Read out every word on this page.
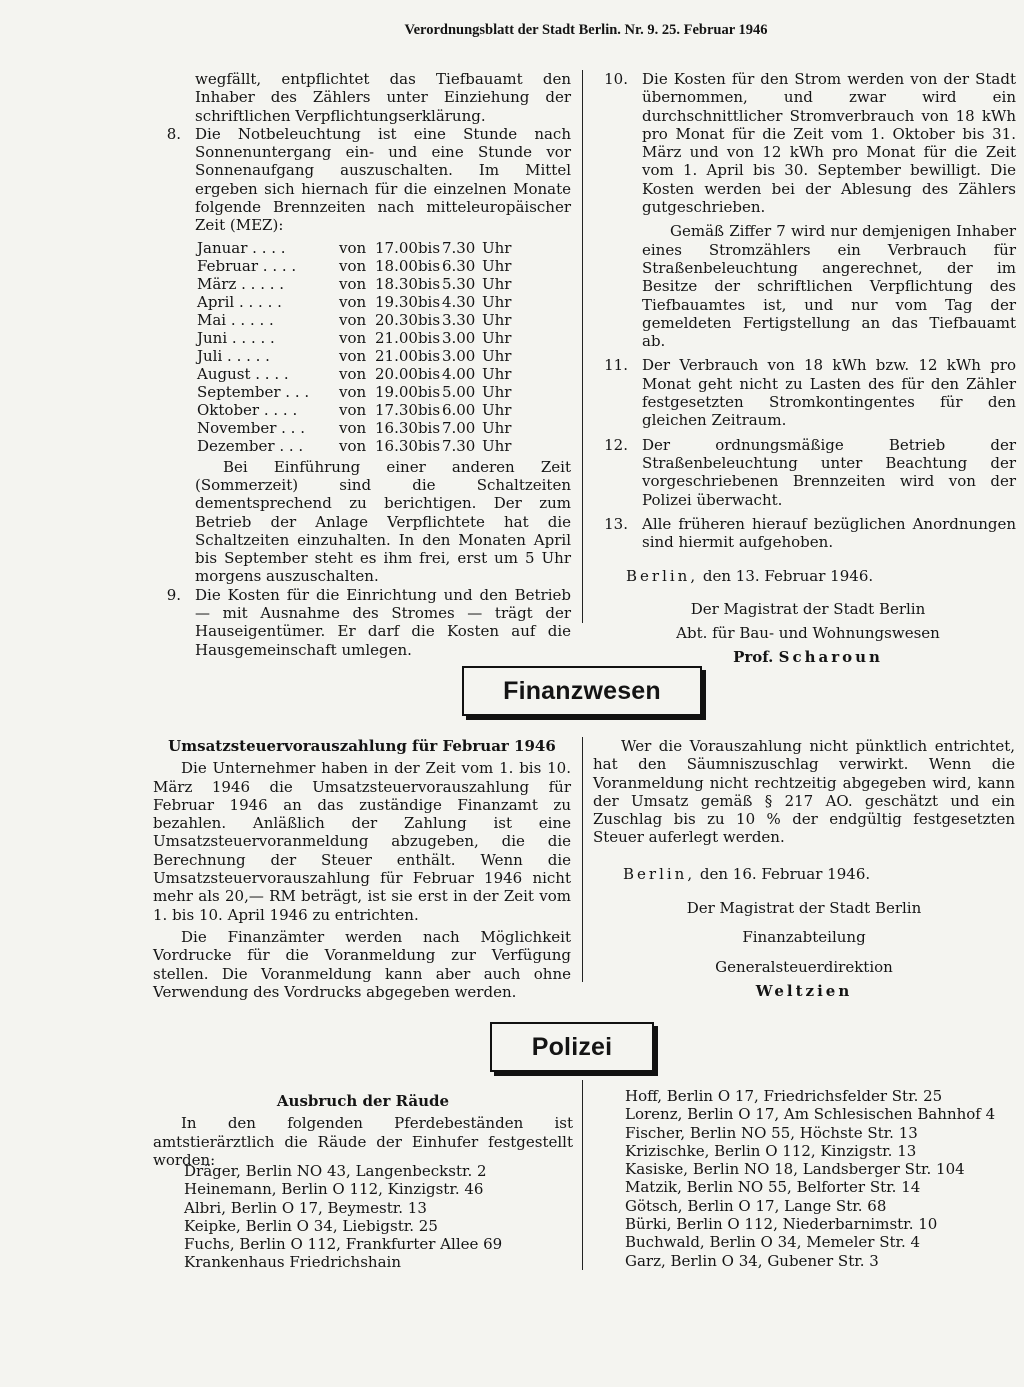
Verordnungsblatt der Stadt Berlin. Nr. 9. 25. Februar 1946

wegfällt, entpflichtet das Tiefbauamt den Inhaber des Zählers unter Einziehung der schriftlichen Verpflichtungserklärung.

8. Die Notbeleuchtung ist eine Stunde nach Sonnenuntergang ein- und eine Stunde vor Sonnenaufgang auszuschalten. Im Mittel ergeben sich hiernach für die einzelnen Monate folgende Brennzeiten nach mitteleuropäischer Zeit (MEZ):

Januar . . . .	von	17.00	bis	7.30	Uhr
Februar . . . .	von	18.00	bis	6.30	Uhr
März . . . . .	von	18.30	bis	5.30	Uhr
April . . . . .	von	19.30	bis	4.30	Uhr
Mai . . . . .	von	20.30	bis	3.30	Uhr
Juni . . . . .	von	21.00	bis	3.00	Uhr
Juli . . . . .	von	21.00	bis	3.00	Uhr
August . . . .	von	20.00	bis	4.00	Uhr
September . . .	von	19.00	bis	5.00	Uhr
Oktober . . . .	von	17.30	bis	6.00	Uhr
November . . .	von	16.30	bis	7.00	Uhr
Dezember . . .	von	16.30	bis	7.30	Uhr

Bei Einführung einer anderen Zeit (Sommerzeit) sind die Schaltzeiten dementsprechend zu berichtigen. Der zum Betrieb der Anlage Verpflichtete hat die Schaltzeiten einzuhalten. In den Monaten April bis September steht es ihm frei, erst um 5 Uhr morgens auszuschalten.

9. Die Kosten für die Einrichtung und den Betrieb — mit Ausnahme des Stromes — trägt der Hauseigentümer. Er darf die Kosten auf die Hausgemeinschaft umlegen.

10. Die Kosten für den Strom werden von der Stadt übernommen, und zwar wird ein durchschnittlicher Stromverbrauch von 18 kWh pro Monat für die Zeit vom 1. Oktober bis 31. März und von 12 kWh pro Monat für die Zeit vom 1. April bis 30. September bewilligt. Die Kosten werden bei der Ablesung des Zählers gutgeschrieben.

Gemäß Ziffer 7 wird nur demjenigen Inhaber eines Stromzählers ein Verbrauch für Straßenbeleuchtung angerechnet, der im Besitze der schriftlichen Verpflichtung des Tiefbauamtes ist, und nur vom Tag der gemeldeten Fertigstellung an das Tiefbauamt ab.

11. Der Verbrauch von 18 kWh bzw. 12 kWh pro Monat geht nicht zu Lasten des für den Zähler festgesetzten Stromkontingentes für den gleichen Zeitraum.

12. Der ordnungsmäßige Betrieb der Straßenbeleuchtung unter Beachtung der vorgeschriebenen Brennzeiten wird von der Polizei überwacht.

13. Alle früheren hierauf bezüglichen Anordnungen sind hiermit aufgehoben.

Berlin, den 13. Februar 1946.

Der Magistrat der Stadt Berlin

Abt. für Bau- und Wohnungswesen

Prof. Scharoun

Finanzwesen

Umsatzsteuervorauszahlung für Februar 1946

Die Unternehmer haben in der Zeit vom 1. bis 10. März 1946 die Umsatzsteuervorauszahlung für Februar 1946 an das zuständige Finanzamt zu bezahlen. Anläßlich der Zahlung ist eine Umsatzsteuervoranmeldung abzugeben, die die Berechnung der Steuer enthält. Wenn die Umsatzsteuervorauszahlung für Februar 1946 nicht mehr als 20,— RM beträgt, ist sie erst in der Zeit vom 1. bis 10. April 1946 zu entrichten.

Die Finanzämter werden nach Möglichkeit Vordrucke für die Voranmeldung zur Verfügung stellen. Die Voranmeldung kann aber auch ohne Verwendung des Vordrucks abgegeben werden.

Wer die Vorauszahlung nicht pünktlich entrichtet, hat den Säumniszuschlag verwirkt. Wenn die Voranmeldung nicht rechtzeitig abgegeben wird, kann der Umsatz gemäß § 217 AO. geschätzt und ein Zuschlag bis zu 10 % der endgültig festgesetzten Steuer auferlegt werden.

Berlin, den 16. Februar 1946.

Der Magistrat der Stadt Berlin

Finanzabteilung

Generalsteuerdirektion

Weltzien

Polizei

Ausbruch der Räude

In den folgenden Pferdebeständen ist amtstierärztlich die Räude der Einhufer festgestellt worden:

Dräger, Berlin NO 43, Langenbeckstr. 2
Heinemann, Berlin O 112, Kinzigstr. 46
Albri, Berlin O 17, Beymestr. 13
Keipke, Berlin O 34, Liebigstr. 25
Fuchs, Berlin O 112, Frankfurter Allee 69
Krankenhaus Friedrichshain
Hoff, Berlin O 17, Friedrichsfelder Str. 25
Lorenz, Berlin O 17, Am Schlesischen Bahnhof 4
Fischer, Berlin NO 55, Höchste Str. 13
Krizischke, Berlin O 112, Kinzigstr. 13
Kasiske, Berlin NO 18, Landsberger Str. 104
Matzik, Berlin NO 55, Belforter Str. 14
Götsch, Berlin O 17, Lange Str. 68
Bürki, Berlin O 112, Niederbarnimstr. 10
Buchwald, Berlin O 34, Memeler Str. 4
Garz, Berlin O 34, Gubener Str. 3
